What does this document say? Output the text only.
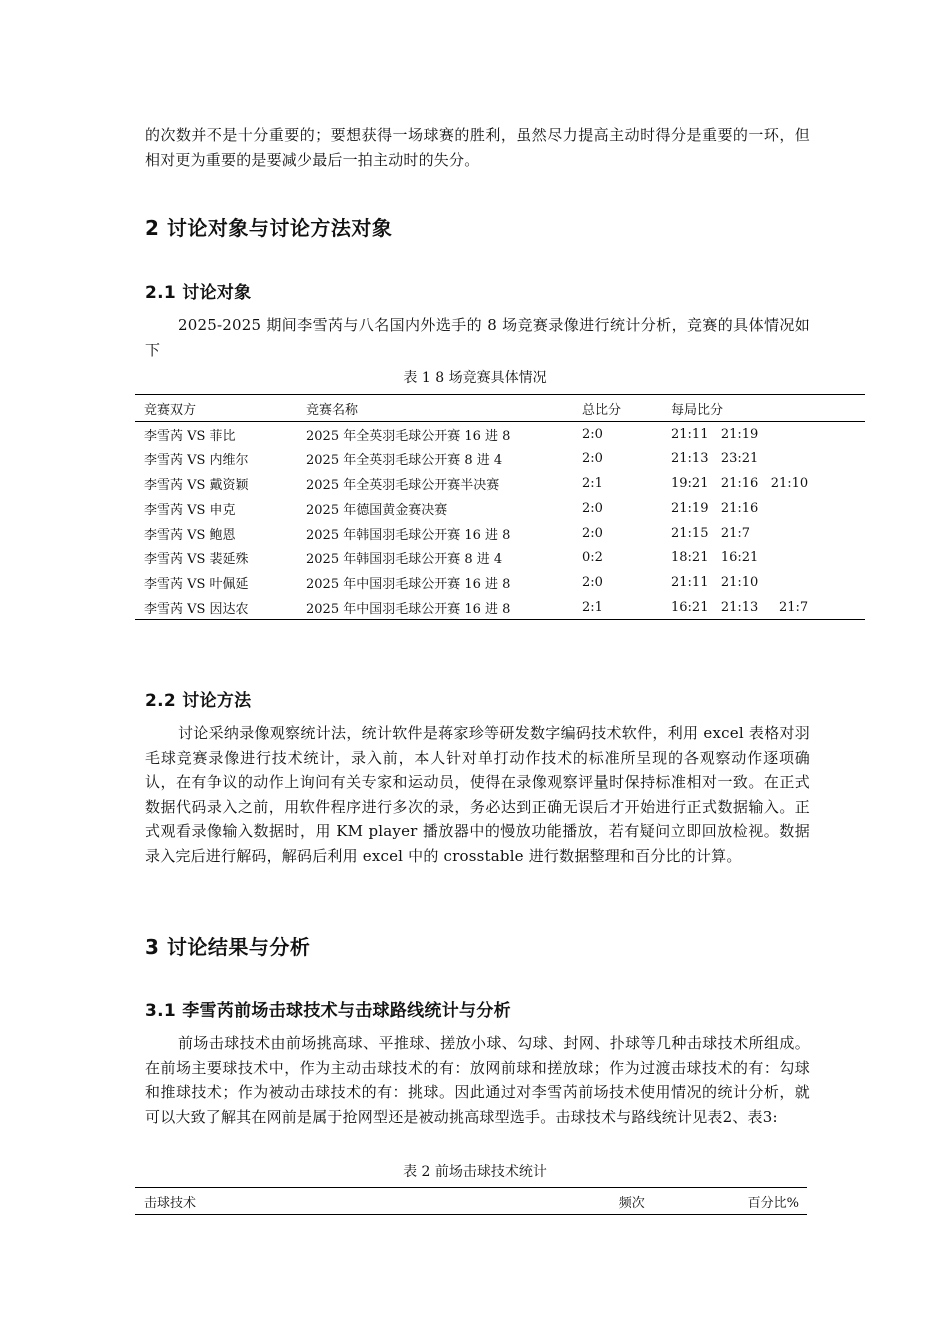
的次数并不是十分重要的；要想获得一场球赛的胜利，虽然尽力提高主动时得分是重要的一环，但相对更为重要的是要减少最后一拍主动时的失分。

2 讨论对象与讨论方法对象
2.1 讨论对象

2025-2025 期间李雪芮与八名国内外选手的 8 场竞赛录像进行统计分析，竞赛的具体情况如下

表 1 8 场竞赛具体情况

竞赛双方	竞赛名称	总比分	每局比分
李雪芮 VS 菲比	2025 年全英羽毛球公开赛 16 进 8	2:0	21:11   21:19
李雪芮 VS 内维尔	2025 年全英羽毛球公开赛 8 进 4	2:0	21:13   23:21
李雪芮 VS 戴资颖	2025 年全英羽毛球公开赛半决赛	2:1	19:21   21:16   21:10
李雪芮 VS 申克	2025 年德国黄金赛决赛	2:0	21:19   21:16
李雪芮 VS 鲍恩	2025 年韩国羽毛球公开赛 16 进 8	2:0	21:15   21:7
李雪芮 VS 裴延殊	2025 年韩国羽毛球公开赛 8 进 4	0:2	18:21   16:21
李雪芮 VS 叶佩延	2025 年中国羽毛球公开赛 16 进 8	2:0	21:11   21:10
李雪芮 VS 因达农	2025 年中国羽毛球公开赛 16 进 8	2:1	16:21   21:13     21:7
2.2 讨论方法

讨论采纳录像观察统计法，统计软件是蒋家珍等研发数字编码技术软件，利用 excel 表格对羽毛球竞赛录像进行技术统计，录入前，本人针对单打动作技术的标准所呈现的各观察动作逐项确认，在有争议的动作上询问有关专家和运动员，使得在录像观察评量时保持标准相对一致。在正式数据代码录入之前，用软件程序进行多次的录，务必达到正确无误后才开始进行正式数据输入。正式观看录像输入数据时，用 KM player 播放器中的慢放功能播放，若有疑问立即回放检视。数据录入完后进行解码，解码后利用 excel 中的 crosstable 进行数据整理和百分比的计算。

3 讨论结果与分析
3.1 李雪芮前场击球技术与击球路线统计与分析

前场击球技术由前场挑高球、平推球、搓放小球、勾球、封网、扑球等几种击球技术所组成。在前场主要球技术中，作为主动击球技术的有：放网前球和搓放球；作为过渡击球技术的有：勾球和推球技术；作为被动击球技术的有：挑球。因此通过对李雪芮前场技术使用情况的统计分析，就可以大致了解其在网前是属于抢网型还是被动挑高球型选手。击球技术与路线统计见表2、表3:

表 2 前场击球技术统计

击球技术	频次	百分比%
